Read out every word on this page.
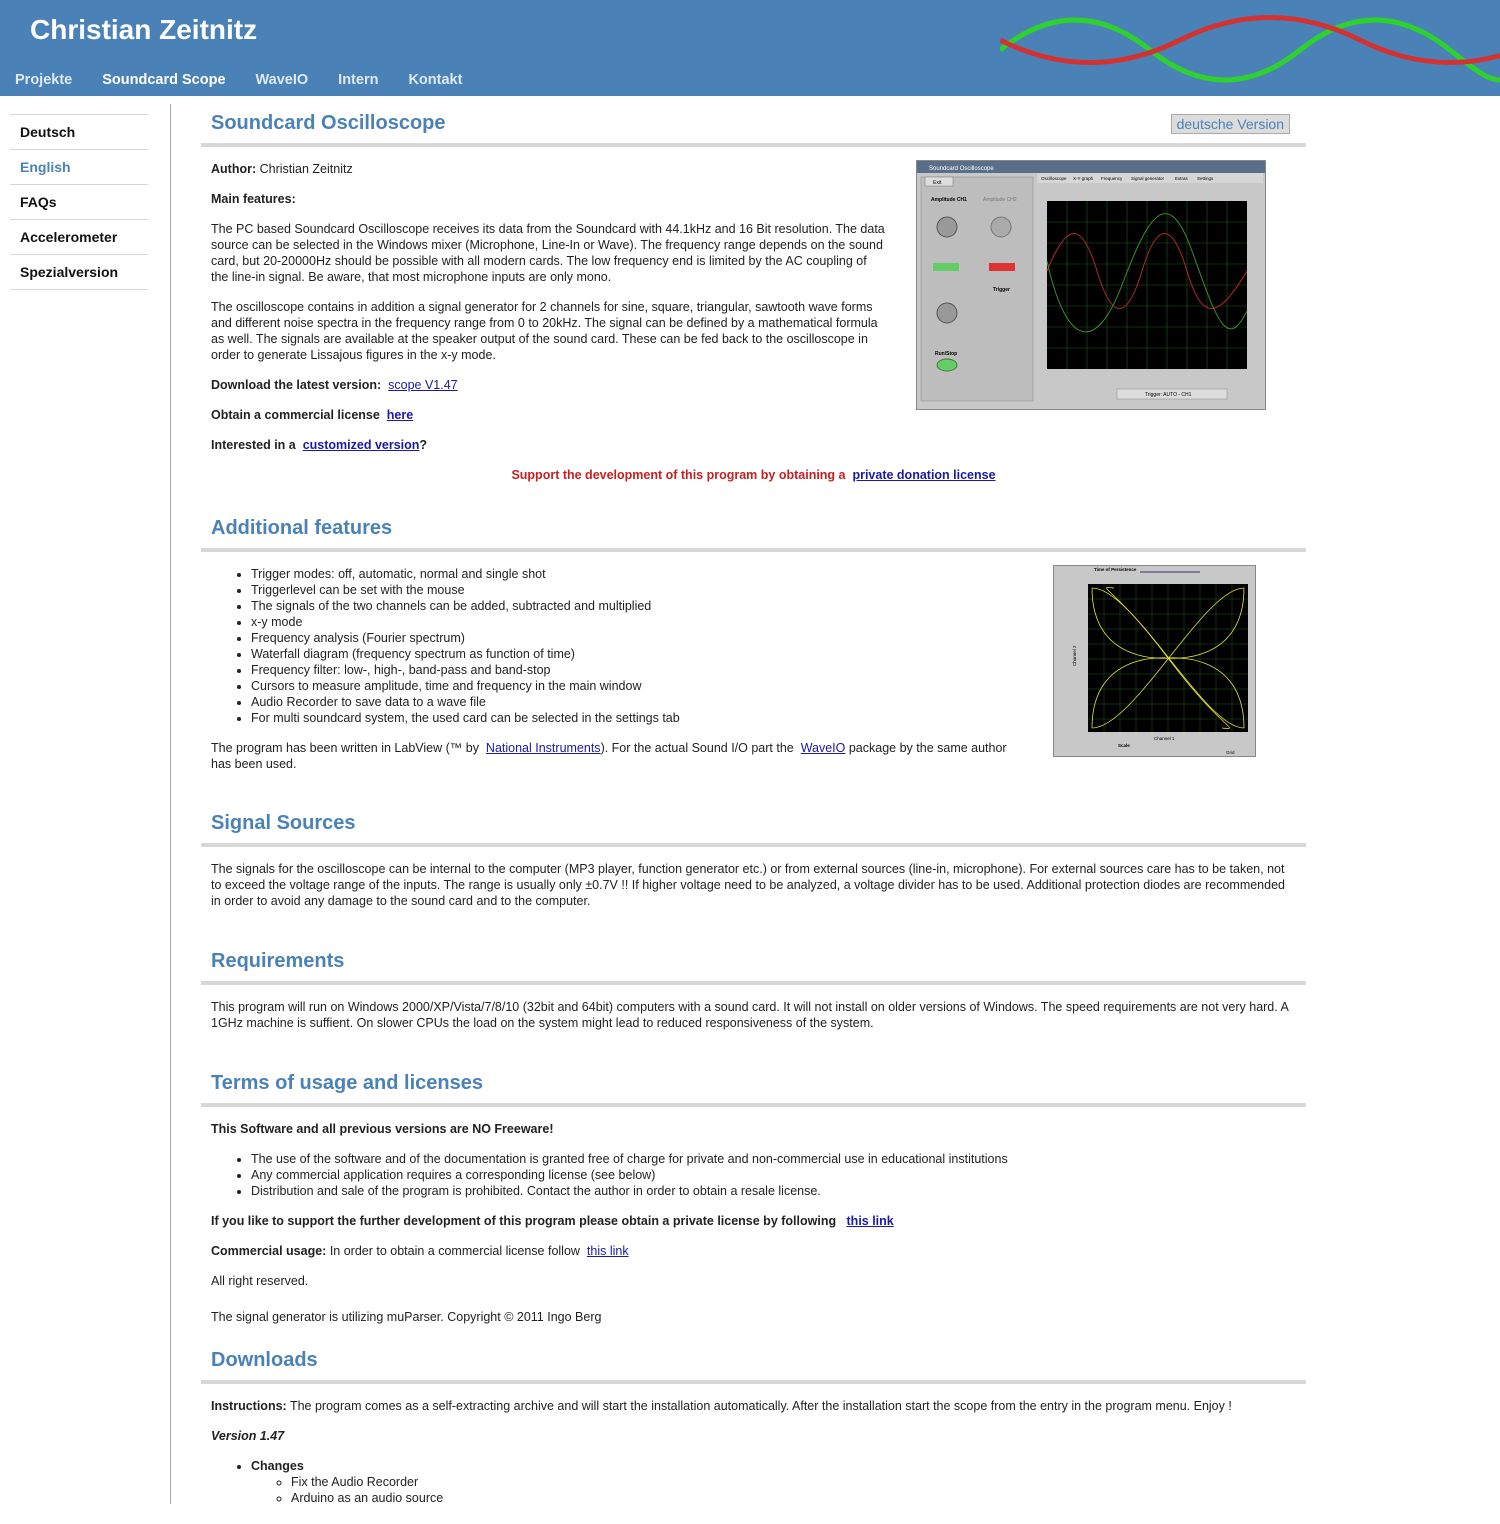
Christian Zeitnitz
Projekte Soundcard Scope WaveIO Intern Kontakt
Deutsch
English
FAQs
Accelerometer
Spezialversion
Soundcard Oscilloscope	deutsche Version

Author: Christian Zeitnitz

Main features:

The PC based Soundcard Oscilloscope receives its data from the Soundcard with 44.1kHz and 16 Bit resolution. The data source can be selected in the Windows mixer (Microphone, Line-In or Wave). The frequency range depends on the sound card, but 20-20000Hz should be possible with all modern cards. The low frequency end is limited by the AC coupling of the line-in signal. Be aware, that most microphone inputs are only mono.

The oscilloscope contains in addition a signal generator for 2 channels for sine, square, triangular, sawtooth wave forms and different noise spectra in the frequency range from 0 to 20kHz. The signal can be defined by a mathematical formula as well. The signals are available at the speaker output of the sound card. These can be fed back to the oscilloscope in order to generate Lissajous figures in the x-y mode.

Download the latest version: scope V1.47

Obtain a commercial license here

Interested in a customized version?

Support the development of this program by obtaining a private donation license

Soundcard Oscilloscope
Exit
Amplitude CH1	Amplitude CH2
Run/Stop
Trigger
Oscilloscope X-Y graph Frequency Signal generator Extras Settings
Trigger: AUTO - CH1
Additional features
• Trigger modes: off, automatic, normal and single shot
• Triggerlevel can be set with the mouse
• The signals of the two channels can be added, subtracted and multiplied
• x-y mode
• Frequency analysis (Fourier spectrum)
• Waterfall diagram (frequency spectrum as function of time)
• Frequency filter: low-, high-, band-pass and band-stop
• Cursors to measure amplitude, time and frequency in the main window
• Audio Recorder to save data to a wave file
• For multi soundcard system, the used card can be selected in the settings tab

The program has been written in LabView (™ by National Instruments). For the actual Sound I/O part the WaveIO package by the same author has been used.

Time of Persistence
Channel 1
Scale
Grid
Channel 2
Signal Sources

The signals for the oscilloscope can be internal to the computer (MP3 player, function generator etc.) or from external sources (line-in, microphone). For external sources care has to be taken, not to exceed the voltage range of the inputs. The range is usually only ±0.7V !! If higher voltage need to be analyzed, a voltage divider has to be used. Additional protection diodes are recommended in order to avoid any damage to the sound card and to the computer.

Requirements

This program will run on Windows 2000/XP/Vista/7/8/10 (32bit and 64bit) computers with a sound card. It will not install on older versions of Windows. The speed requirements are not very hard. A 1GHz machine is suffient. On slower CPUs the load on the system might lead to reduced responsiveness of the system.

Terms of usage and licenses

This Software and all previous versions are NO Freeware!

• The use of the software and of the documentation is granted free of charge for private and non-commercial use in educational institutions
• Any commercial application requires a corresponding license (see below)
• Distribution and sale of the program is prohibited. Contact the author in order to obtain a resale license.

If you like to support the further development of this program please obtain a private license by following this link

Commercial usage: In order to obtain a commercial license follow this link

All right reserved.

The signal generator is utilizing muParser. Copyright © 2011 Ingo Berg

Downloads

Instructions: The program comes as a self-extracting archive and will start the installation automatically. After the installation start the scope from the entry in the program menu. Enjoy !

Version 1.47

• Changes
◦ Fix the Audio Recorder
◦ Arduino as an audio source
